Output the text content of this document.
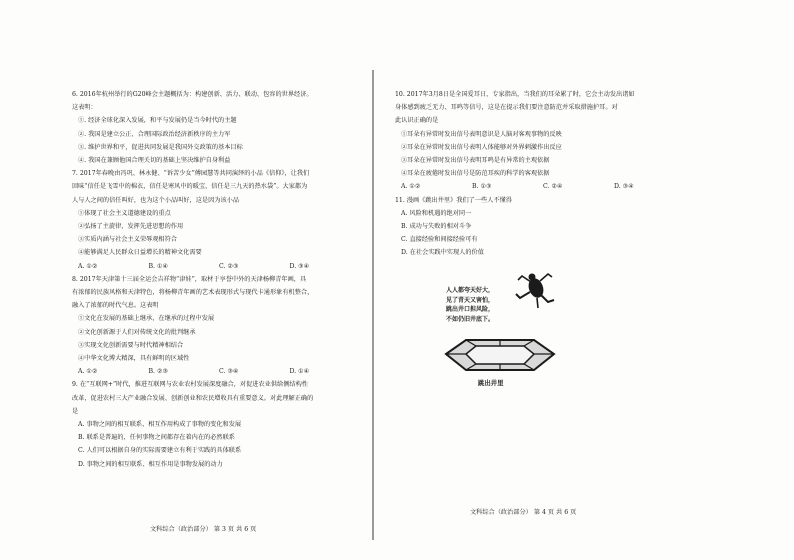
6. 2016年杭州举行的G20峰会主题概括为：构建创新、活力、联动、包容的世界经济。
这表明：
①. 经济全球化深入发展，和平与发展仍是当今时代的主题
②. 我国是建立公正、合理国际政治经济新秩序的主力军
③. 维护世界和平，促进共同发展是我国外交政策的基本目标
④. 我国在兼顾他国合理关切的基础上坚决维护自身利益
7. 2017年春晚由冯巩、林永健、“诉苦少女”傅园慧等共同演绎的小品《信仰》，让我们
回味“信任是飞雪中的棉衣，信任是寒风中的暖宝，信任是三九天的热水袋”。大家都为
人与人之间的信任叫好，也为这个小品叫好，这是因为该小品
①体现了社会主义道德建设的重点
②弘扬了主旋律，发挥先进思想的作用
③实质内涵与社会主义荣辱观相符合
④能够满足人民群众日益增长的精神文化需要
A. ①②	B. ①④	C. ②③	D. ③④
8. 2017年天津第十三届全运会吉祥物“津娃”，取材于享誉中外的天津杨柳青年画，具
有浓郁的民族风格和天津特色，将杨柳青年画的艺术表现形式与现代卡通形象有机整合，
融入了浓郁的时代气息。这表明
①文化在发展的基础上继承，在继承的过程中发展
②文化创新源于人们对传统文化的批判继承
③实现文化创新需要与时代精神相结合
④中华文化博大精深，具有鲜明的区域性
A. ①②	B. ②③	C. ③④	D. ①④
9. 在“互联网+”时代，推进互联网与农业农村发展深度融合，对促进农业供给侧结构性
改革，促进农村三大产业融合发展、创新创业和农民增收具有重要意义。对此理解正确的
是
A. 事物之间的相互联系、相互作用构成了事物的变化和发展
B. 联系是普遍的，任何事物之间都存在着内在的必然联系
C. 人们可以根据自身的实际需要建立有利于实践的具体联系
D. 事物之间的相互联系、相互作用是事物发展的动力
文科综合（政治部分） 第 3 页 共 6 页
10. 2017年3月8日是全国爱耳日，专家指出，当我们的耳朵累了时，它会主动发出诸如
身体感到疲乏无力、耳鸣等信号，这是在提示我们要注意防范并采取措施护耳。对
此认识正确的是
①耳朵有异常时发出信号表明意识是人脑对客观事物的反映
②耳朵在异常时发出信号表明人体能够对外界刺激作出反应
③耳朵在异常时发出信号表明耳鸣是有异常的主观依据
④耳朵在疲倦时发出信号是防范耳疾的科学的客观依据
A. ①②	B. ①③	C. ②④	D. ③④
11. 漫画《跳出井里》我们了一些人不懂得
A. 风险和机遇的绝对同一
B. 成功与失败的相对斗争
C. 直接经验和间接经验可有
D. 在社会实践中实现人的价值
人人都夸天好大，
见了青天又害怕，
跳出井口担风险，
不如仍旧井底下。
跳出井里
文科综合（政治部分） 第 4 页 共 6 页
